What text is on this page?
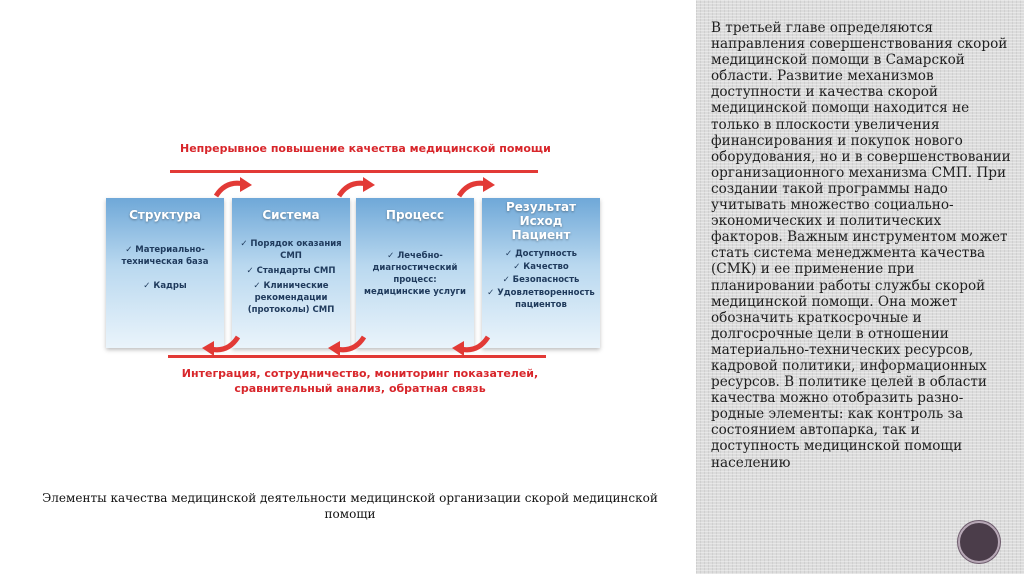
В третьей главе определяются направления совершенствования скорой медицинской помощи в Самарской области. Развитие механизмов доступности и качества скорой медицинской помощи находится не только в плоскости увеличения финансирования и покупок нового оборудования, но и в совершенствовании организационного механизма СМП. При создании такой программы надо учитывать множество социально-экономических и политических факторов. Важным инструментом может стать система менеджмента качества (СМК) и ее применение при планировании работы службы скорой медицинской помощи. Она может обозначить краткосрочные и долгосрочные цели в отношении материально-технических ресурсов, кадровой политики, информационных ресурсов. В политике целей в области качества можно отобразить разно-родные элементы: как контроль за состоянием автопарка, так и доступность медицинской помощи населению
Непрерывное повышение качества медицинской помощи
Структура
✓ Материально-техническая база
✓ Кадры
Система
✓ Порядок оказания СМП
✓ Стандарты СМП
✓ Клинические рекомендации (протоколы) СМП
Процесс
✓ Лечебно-диагностический процесс: медицинские услуги
Результат
Исход
Пациент
✓ Доступность
✓ Качество
✓ Безопасность
✓ Удовлетворенность пациентов
Интеграция, сотрудничество, мониторинг показателей,
сравнительный анализ, обратная связь
Элементы качества медицинской деятельности медицинской организации скорой медицинской помощи
